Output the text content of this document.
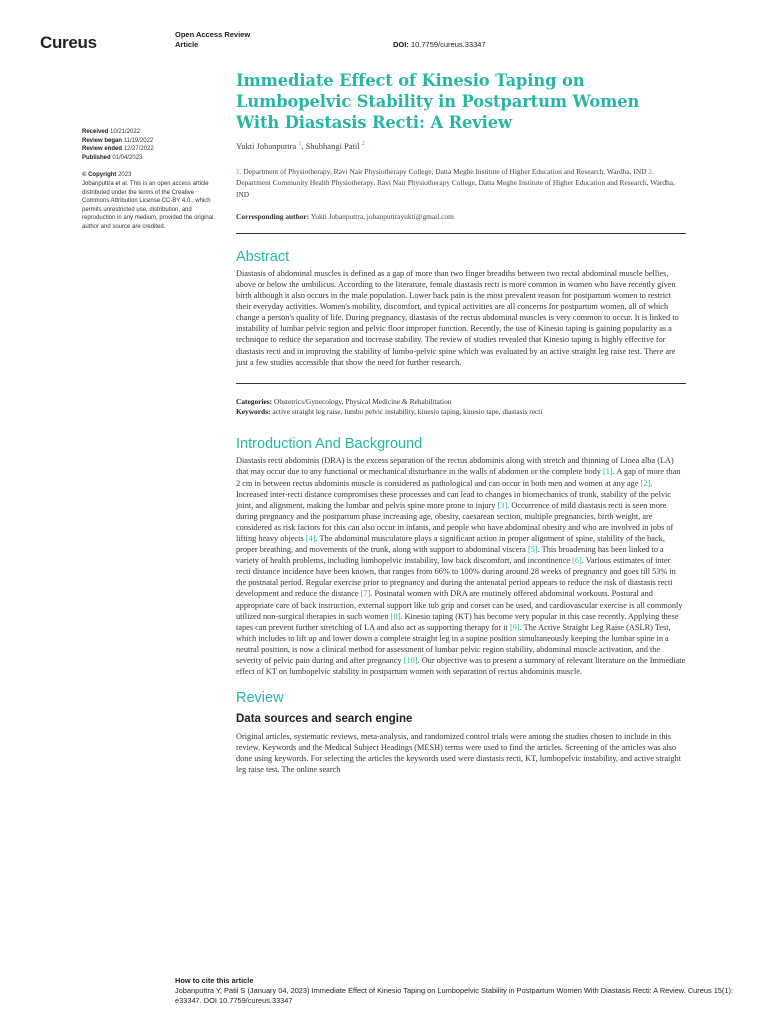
Cureus	Open Access Review
Article	DOI: 10.7759/cureus.33347
Received 10/21/2022
Review began 11/19/2022
Review ended 12/27/2022
Published 01/04/2023
© Copyright 2023
Jobanputtra et al. This is an open access article distributed under the terms of the Creative Commons Attribution License CC-BY 4.0., which permits unrestricted use, distribution, and reproduction in any medium, provided the original author and source are credited.
Immediate Effect of Kinesio Taping on Lumbopelvic Stability in Postpartum Women With Diastasis Recti: A Review
Yukti Jobanputtra $^1$, Shubhangi Patil $^2$
1. Department of Physiotherapy, Ravi Nair Physiotherapy College, Datta Meghe Institute of Higher Education and Research, Wardha, IND 2. Department Community Health Physiotherapy, Ravi Nair Physiotherapy College, Datta Meghe Institute of Higher Education and Research, Wardha, IND
Corresponding author: Yukti Jobanputtra, jobanputtrayukti@gmail.com
Abstract
Diastasis of abdominal muscles is defined as a gap of more than two finger breadths between two rectal abdominal muscle bellies, above or below the umbilicus. According to the literature, female diastasis recti is more common in women who have recently given birth although it also occurs in the male population. Lower back pain is the most prevalent reason for postpartum women to restrict their everyday activities. Women's mobility, discomfort, and typical activities are all concerns for postpartum women, all of which change a person's quality of life. During pregnancy, diastasis of the rectus abdominal muscles is very common to occur. It is linked to instability of lumbar pelvic region and pelvic floor improper function. Recently, the use of Kinesio taping is gaining popularity as a technique to reduce the separation and increase stability. The review of studies revealed that Kinesio taping is highly effective for diastasis recti and in improving the stability of lumbo-pelvic spine which was evaluated by an active straight leg raise test. There are just a few studies accessible that show the need for further research.
Categories: Obstetrics/Gynecology, Physical Medicine & Rehabilitation
Keywords: active straight leg raise, lumbo pelvic instability, kinesio taping, kinesio tape, diastasis recti
Introduction And Background
Diastasis recti abdominis (DRA) is the excess separation of the rectus abdominis along with stretch and thinning of Linea alba (LA) that may occur due to any functional or mechanical disturbance in the walls of abdomen or the complete body [1]. A gap of more than 2 cm in between rectus abdominis muscle is considered as pathological and can occur in both men and women at any age [2]. Increased inter-recti distance compromises these processes and can lead to changes in biomechanics of trunk, stability of the pelvic joint, and alignment, making the lumbar and pelvis spine more prone to injury [3]. Occurrence of mild diastasis recti is seen more during pregnancy and the postpartum phase increasing age, obesity, caesarean section, multiple pregnancies, birth weight, are considered as risk factors for this can also occur in infants, and people who have abdominal obesity and who are involved in jobs of lifting heavy objects [4]. The abdominal musculature plays a significant action in proper alignment of spine, stability of the back, proper breathing, and movements of the trunk, along with support to abdominal viscera [5]. This broadening has been linked to a variety of health problems, including lumbopelvic instability, low back discomfort, and incontinence [6]. Various estimates of inter recti distance incidence have been known, that ranges from 66% to 100% during around 28 weeks of pregnancy and goes till 53% in the postnatal period. Regular exercise prior to pregnancy and during the antenatal period appears to reduce the risk of diastasis recti development and reduce the distance [7]. Postnatal women with DRA are routinely offered abdominal workouts. Postural and appropriate care of back instruction, external support like tub grip and corset can be used, and cardiovascular exercise is all commonly utilized non-surgical therapies in such women [8]. Kinesio taping (KT) has become very popular in this case recently. Applying these tapes can prevent further stretching of LA and also act as supporting therapy for it [9]. The Active Straight Leg Raise (ASLR) Test, which includes to lift up and lower down a complete straight leg in a supine position simultaneously keeping the lumbar spine in a neutral position, is now a clinical method for assessment of lumbar pelvic region stability, abdominal muscle activation, and the severity of pelvic pain during and after pregnancy [10]. Our objective was to present a summary of relevant literature on the Immediate effect of KT on lumbopelvic stability in postpartum women with separation of rectus abdominis muscle.
Review
Data sources and search engine
Original articles, systematic reviews, meta-analysis, and randomized control trials were among the studies chosen to include in this review. Keywords and the Medical Subject Headings (MESH) terms were used to find the articles. Screening of the articles was also done using keywords. For selecting the articles the keywords used were diastasis recti, KT, lumbopelvic instability, and active straight leg raise test. The online search
How to cite this article
Jobanputtra Y, Patil S (January 04, 2023) Immediate Effect of Kinesio Taping on Lumbopelvic Stability in Postpartum Women With Diastasis Recti: A Review. Cureus 15(1): e33347. DOI 10.7759/cureus.33347
